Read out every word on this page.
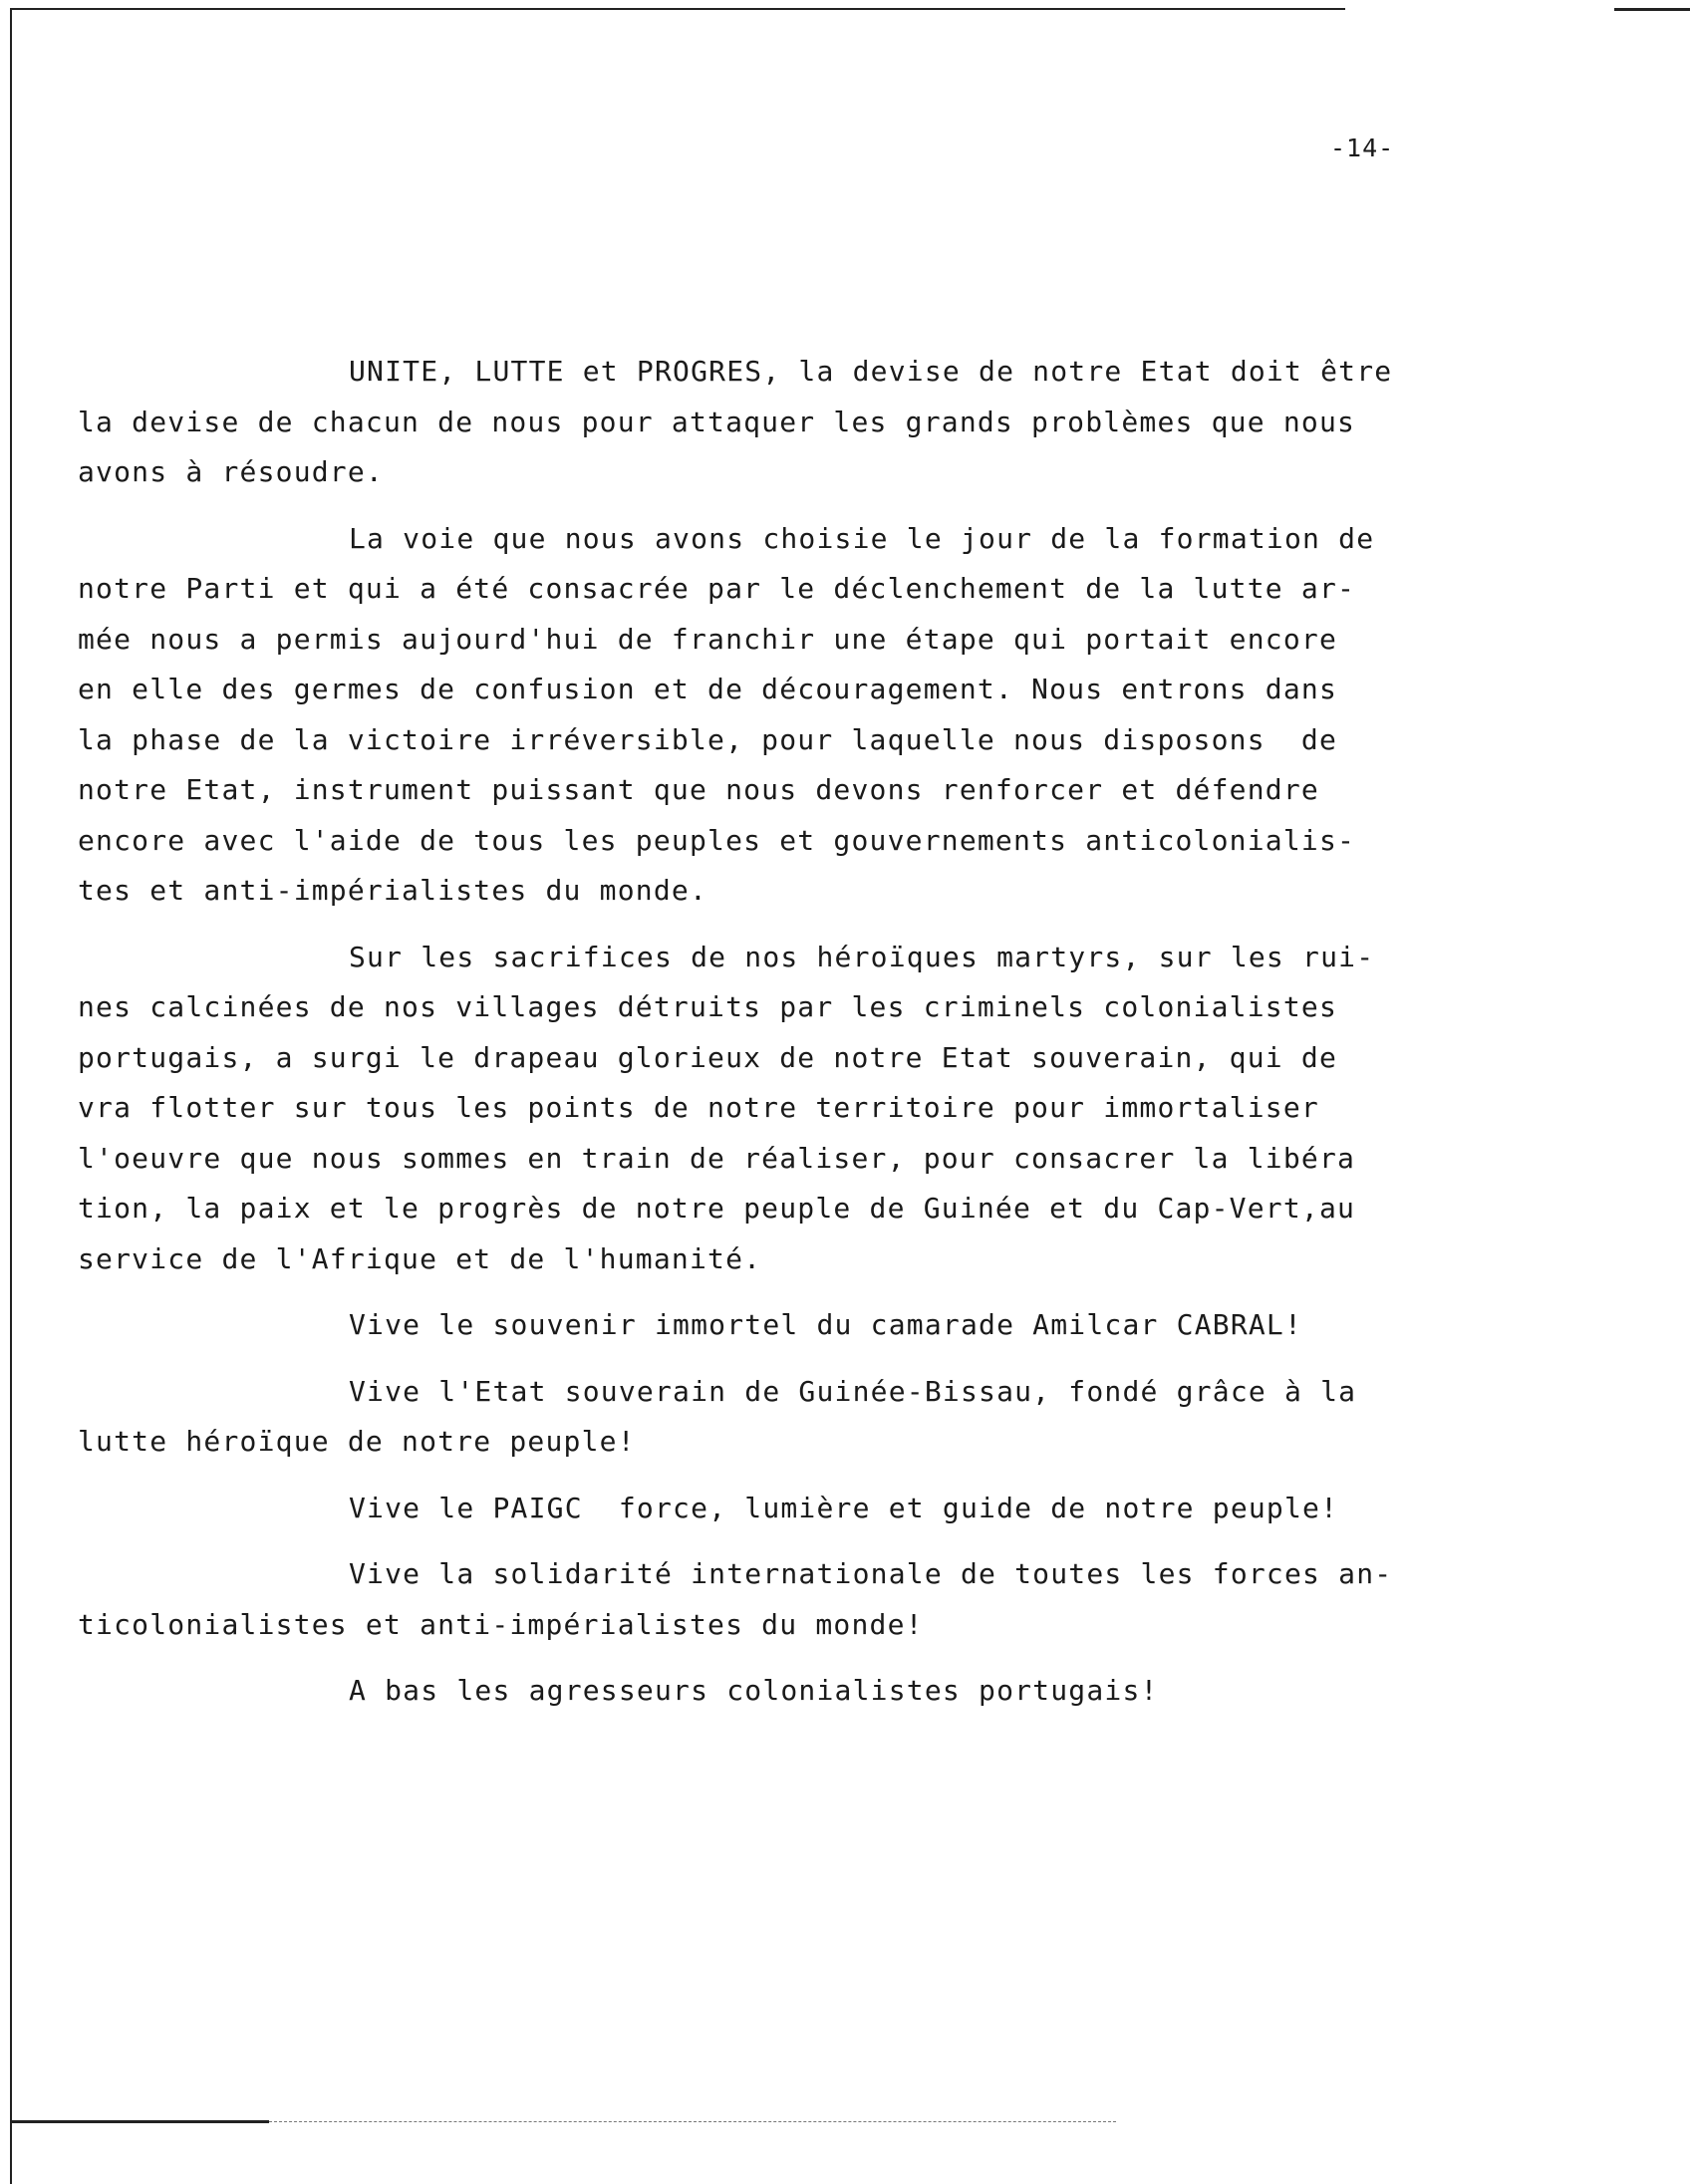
-14-

UNITE, LUTTE et PROGRES, la devise de notre Etat doit être
la devise de chacun de nous pour attaquer les grands problèmes que nous
avons à résoudre.

La voie que nous avons choisie le jour de la formation de
notre Parti et qui a été consacrée par le déclenchement de la lutte ar-
mée nous a permis aujourd'hui de franchir une étape qui portait encore
en elle des germes de confusion et de découragement. Nous entrons dans
la phase de la victoire irréversible, pour laquelle nous disposons  de
notre Etat, instrument puissant que nous devons renforcer et défendre
encore avec l'aide de tous les peuples et gouvernements anticolonialis-
tes et anti-impérialistes du monde.

Sur les sacrifices de nos héroïques martyrs, sur les rui-
nes calcinées de nos villages détruits par les criminels colonialistes
portugais, a surgi le drapeau glorieux de notre Etat souverain, qui de
vra flotter sur tous les points de notre territoire pour immortaliser
l'oeuvre que nous sommes en train de réaliser, pour consacrer la libéra
tion, la paix et le progrès de notre peuple de Guinée et du Cap-Vert,au
service de l'Afrique et de l'humanité.

Vive le souvenir immortel du camarade Amilcar CABRAL!

Vive l'Etat souverain de Guinée-Bissau, fondé grâce à la
lutte héroïque de notre peuple!

Vive le PAIGC  force, lumière et guide de notre peuple!

Vive la solidarité internationale de toutes les forces an-
ticolonialistes et anti-impérialistes du monde!

A bas les agresseurs colonialistes portugais!
